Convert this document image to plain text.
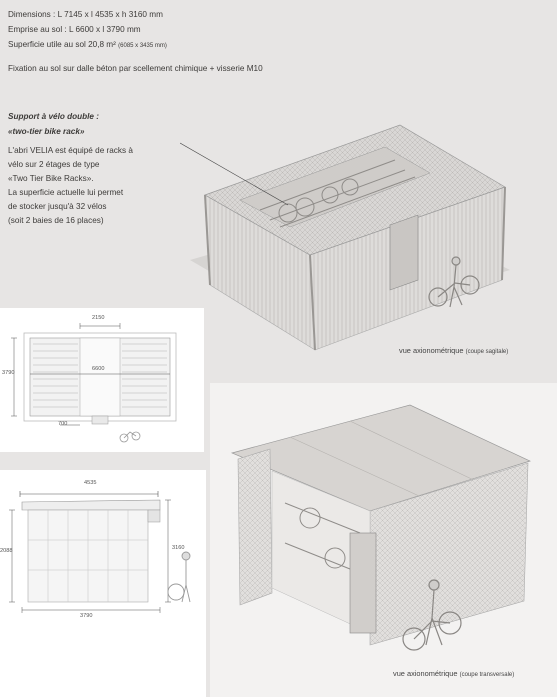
Dimensions : L 7145 x l 4535 x h 3160 mm
Emprise au sol : L 6600 x l 3790 mm
Superficie utile au sol 20,8 m² (6085 x 3435 mm)
Fixation au sol sur dalle béton par scellement chimique + visserie M10
Support à vélo double :
«two-tier bike rack»
L'abri VELIA est équipé de racks à
vélo sur 2 étages de type
«Two Tier Bike Racks».
La superficie actuelle lui permet
de stocker jusqu'à 32 vélos
(soit 2 baies de 16 places)
vue axionométrique (coupe sagitale)
2150
6600
3790
700
4535
3160
2088
3790
vue axionométrique (coupe transversale)
